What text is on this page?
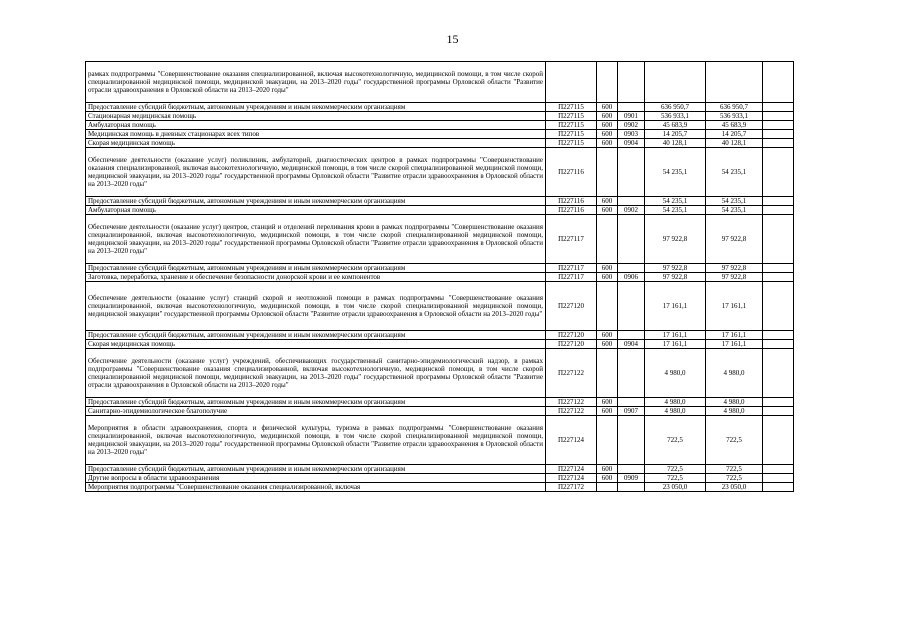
15
рамках подпрограммы "Совершенствование оказания специализированной, включая высокотехнологичную, медицинской помощи, в том числе скорой специализированной медицинской помощи, медицинской эвакуации, на 2013–2020 годы" государственной программы Орловской области "Развитие отрасли здравоохранения в Орловской области на 2013–2020 годы"						
Предоставление субсидий бюджетным, автономным учреждениям и иным некоммерческим организациям	П227115	600		636 950,7	636 950,7	
Стационарная медицинская помощь	П227115	600	0901	536 933,1	536 933,1	
Амбулаторная помощь	П227115	600	0902	45 683,9	45 683,9	
Медицинская помощь в дневных стационарах всех типов	П227115	600	0903	14 205,7	14 205,7	
Скорая медицинская помощь	П227115	600	0904	40 128,1	40 128,1	
Обеспечение деятельности (оказание услуг) поликлиник, амбулаторий, диагностических центров в рамках подпрограммы "Совершенствование оказания специализированной, включая высокотехнологичную, медицинской помощи, в том числе скорой специализированной медицинской помощи, медицинской эвакуации, на 2013–2020 годы" государственной программы Орловской области "Развитие отрасли здравоохранения в Орловской области на 2013–2020 годы"	П227116			54 235,1	54 235,1	
Предоставление субсидий бюджетным, автономным учреждениям и иным некоммерческим организациям	П227116	600		54 235,1	54 235,1	
Амбулаторная помощь	П227116	600	0902	54 235,1	54 235,1	
Обеспечение деятельности (оказание услуг) центров, станций и отделений переливания крови в рамках подпрограммы "Совершенствование оказания специализированной, включая высокотехнологичную, медицинской помощи, в том числе скорой специализированной медицинской помощи, медицинской эвакуации, на 2013–2020 годы" государственной программы Орловской области "Развитие отрасли здравоохранения в Орловской области на 2013–2020 годы"	П227117			97 922,8	97 922,8	
Предоставление субсидий бюджетным, автономным учреждениям и иным некоммерческим организациям	П227117	600		97 922,8	97 922,8	
Заготовка, переработка, хранение и обеспечение безопасности донорской крови и ее компонентов	П227117	600	0906	97 922,8	97 922,8	
Обеспечение деятельности (оказание услуг) станций скорой и неотложной помощи в рамках подпрограммы "Совершенствование оказания специализированной, включая высокотехнологичную, медицинской помощи, в том числе скорой специализированной медицинской помощи, медицинской эвакуации" государственной программы Орловской области "Развитие отрасли здравоохранения в Орловской области на 2013–2020 годы"	П227120			17 161,1	17 161,1	
Предоставление субсидий бюджетным, автономным учреждениям и иным некоммерческим организациям	П227120	600		17 161,1	17 161,1	
Скорая медицинская помощь	П227120	600	0904	17 161,1	17 161,1	
Обеспечение деятельности (оказание услуг) учреждений, обеспечивающих государственный санитарно-эпидемиологический надзор, в рамках подпрограммы "Совершенствование оказания специализированной, включая высокотехнологичную, медицинской помощи, в том числе скорой специализированной медицинской помощи, медицинской эвакуации, на 2013–2020 годы" государственной программы Орловской области "Развитие отрасли здравоохранения в Орловской области на 2013–2020 годы"	П227122			4 980,0	4 980,0	
Предоставление субсидий бюджетным, автономным учреждениям и иным некоммерческим организациям	П227122	600		4 980,0	4 980,0	
Санитарно-эпидемиологическое благополучие	П227122	600	0907	4 980,0	4 980,0	
Мероприятия в области здравоохранения, спорта и физической культуры, туризма в рамках подпрограммы "Совершенствование оказания специализированной, включая высокотехнологичную, медицинской помощи, в том числе скорой специализированной медицинской помощи, медицинской эвакуации, на 2013–2020 годы" государственной программы Орловской области "Развитие отрасли здравоохранения в Орловской области на 2013–2020 годы"	П227124			722,5	722,5	
Предоставление субсидий бюджетным, автономным учреждениям и иным некоммерческим организациям	П227124	600		722,5	722,5	
Другие вопросы в области здравоохранения	П227124	600	0909	722,5	722,5	
Мероприятия подпрограммы "Совершенствование оказания специализированной, включая	П227172			23 050,0	23 050,0	
